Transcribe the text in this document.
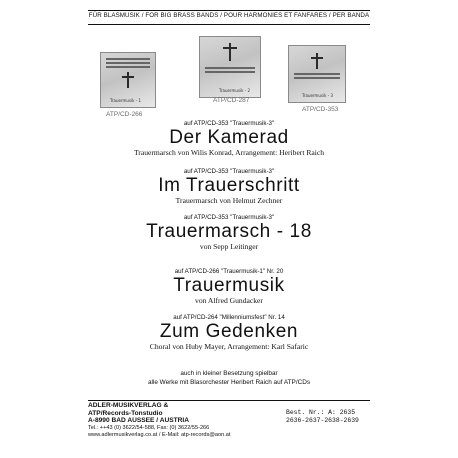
FÜR BLASMUSIK / FOR BIG BRASS BANDS / POUR HARMONIES ET FANFARES / PER BANDA
Trauermusik - 1
ATP/CD-266
Trauermusik - 2
ATP/CD-287
Trauermusik - 3
ATP/CD-353
auf ATP/CD-353 "Trauermusik-3"
Der Kamerad
Trauermarsch von Wilis Konrad, Arrangement: Heribert Raich
auf ATP/CD-353 "Trauermusik-3"
Im Trauerschritt
Trauermarsch von Helmut Zechner
auf ATP/CD-353 "Trauermusik-3"
Trauermarsch - 18
von Sepp Leitinger
auf ATP/CD-266 "Trauermusik-1" Nr. 20
Trauermusik
von Alfred Gundacker
auf ATP/CD-264 "Millenniumsfest" Nr. 14
Zum Gedenken
Choral von Huby Mayer, Arrangement: Karl Safaric
auch in kleiner Besetzung spielbar
alle Werke mit Blasorchester Heribert Raich auf ATP/CDs
ADLER-MUSIKVERLAG &
ATP/Records-Tonstudio
A-8990 BAD AUSSEE / AUSTRIA
Tel.: ++43 (0) 3622/54-588, Fax: (0) 3622/55-266
www.adlermusikverlag.co.at / E-Mail: atp-records@aon.at
Best. Nr.: A: 2635
2636-2637-2638-2639
